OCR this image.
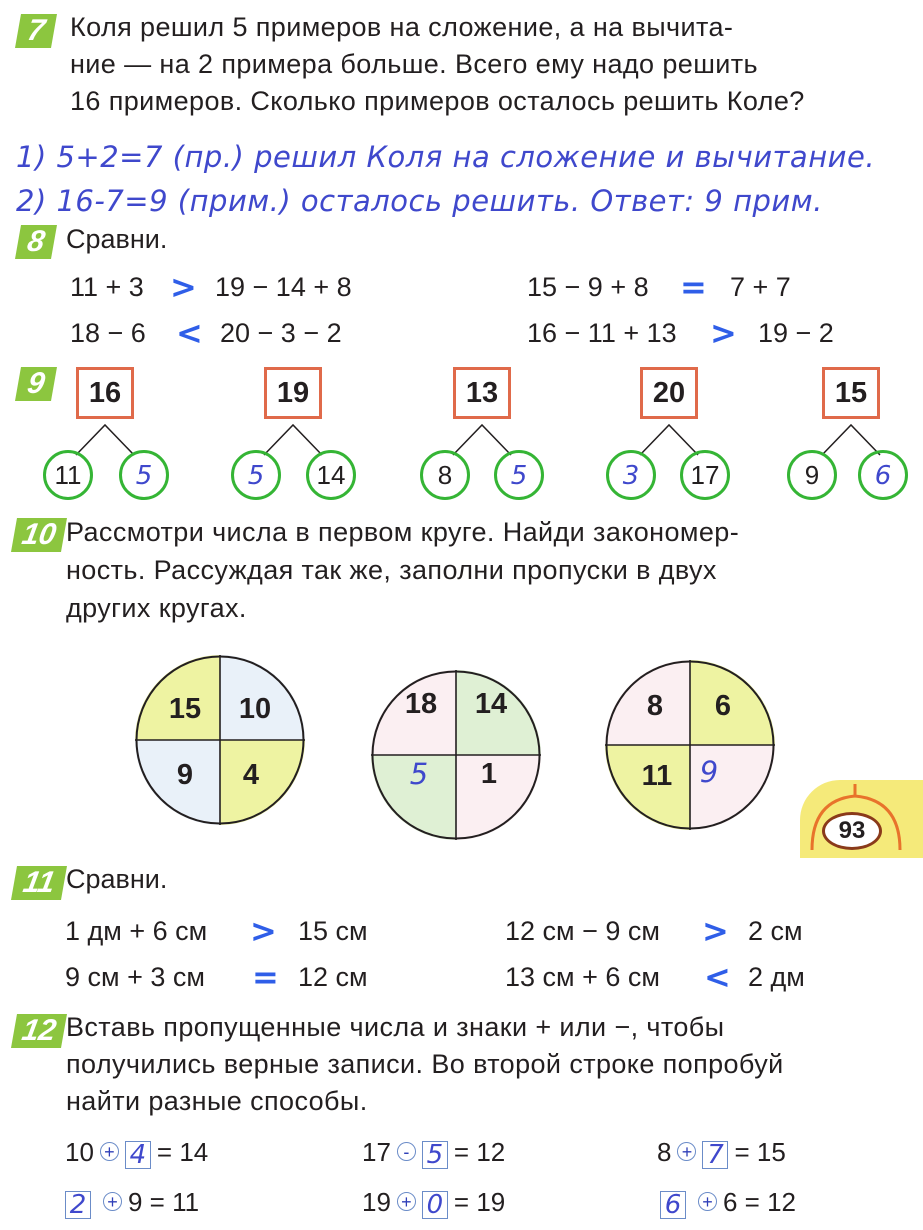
7 Коля решил 5 примеров на сложение, а на вычита-

ние — на 2 примера больше. Всего ему надо решить

16 примеров. Сколько примеров осталось решить Коле?

1) 5+2=7 (пр.) решил Коля на сложение и вычитание.
2) 16-7=9 (прим.) осталось решить. Ответ: 9 прим.
8 Сравни.
11 + 3 > 19 − 14 + 8
18 − 6 < 20 − 3 − 2
15 − 9 + 8 = 7 + 7
16 − 11 + 13 > 19 − 2
9	16
11	5
19
5	14
13
8	5
20
3	17
15
9	6
10 Рассмотри числа в первом круге. Найди закономер-

ность. Рассуждая так же, заполни пропуски в двух

других кругах.

15	10
9	4
18	14
5	1
8	6
11 9
93
11 Сравни.
1 дм + 6 см > 15 см
9 см + 3 см = 12 см
12 см − 9 см > 2 см
13 см + 6 см < 2 дм
12 Вставь пропущенные числа и знаки + или −, чтобы

получились верные записи. Во второй строке попробуй

найти разные способы.

10 + 4 = 14	17 - 5 = 12	8 + 7 = 15
2 + 9 = 11	19 + 0 = 19	6 + 6 = 12
